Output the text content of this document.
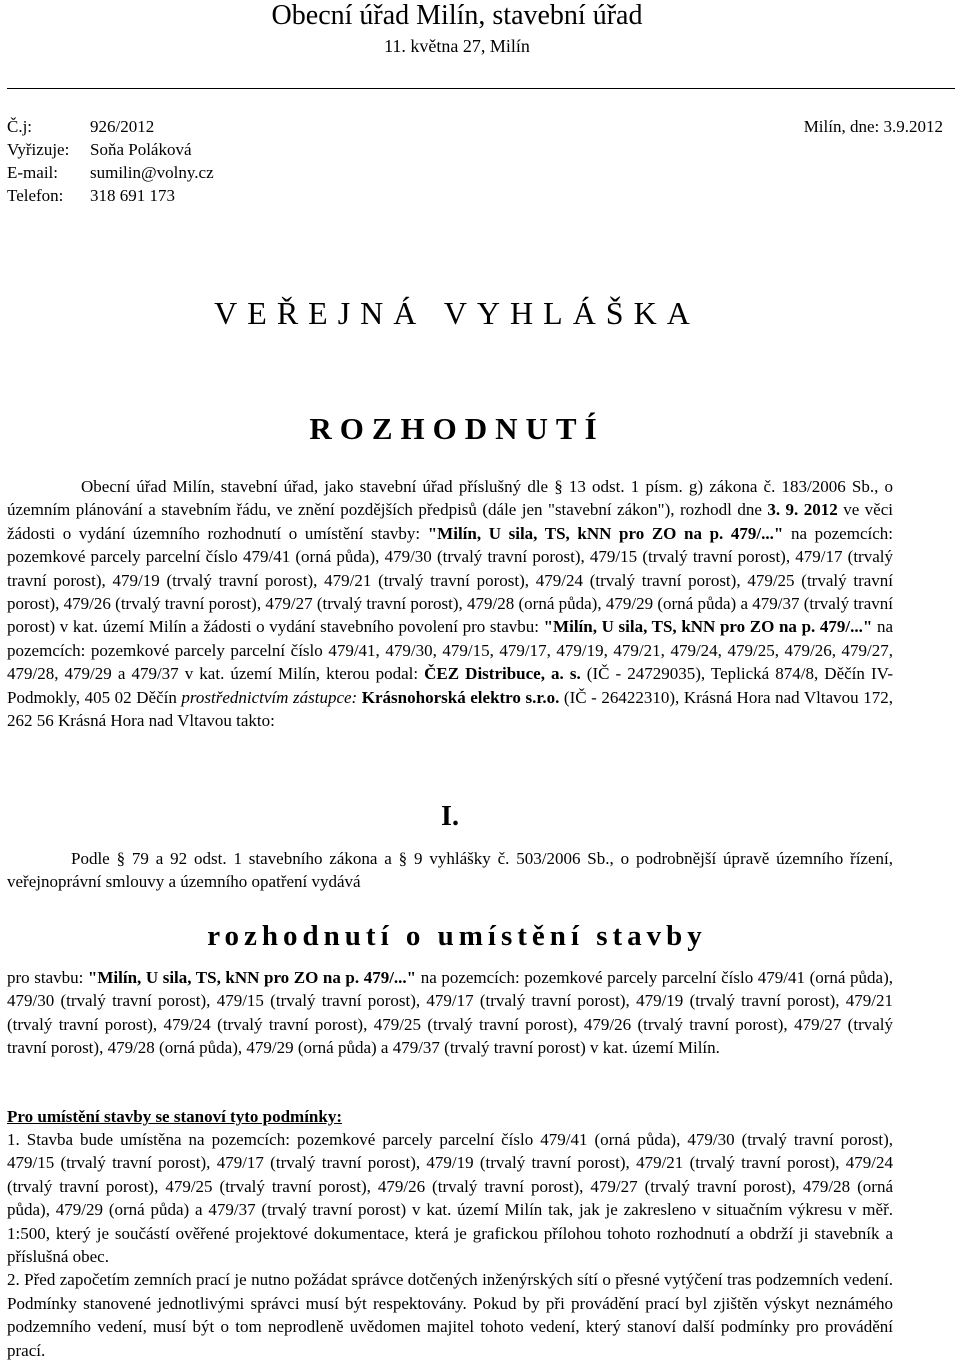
Obecní úřad Milín, stavební úřad
11. května 27, Milín
Č.j:	926/2012	Milín, dne: 3.9.2012
Vyřizuje:	Soňa Poláková
E-mail:	sumilin@volny.cz
Telefon:	318 691 173
VEŘEJNÁ VYHLÁŠKA
ROZHODNUTÍ
Obecní úřad Milín, stavební úřad, jako stavební úřad příslušný dle § 13 odst. 1 písm. g) zákona č. 183/2006 Sb., o územním plánování a stavebním řádu, ve znění pozdějších předpisů (dále jen "stavební zákon"), rozhodl dne 3. 9. 2012 ve věci žádosti o vydání územního rozhodnutí o umístění stavby: "Milín, U sila, TS, kNN pro ZO na p. 479/..." na pozemcích: pozemkové parcely parcelní číslo 479/41 (orná půda), 479/30 (trvalý travní porost), 479/15 (trvalý travní porost), 479/17 (trvalý travní porost), 479/19 (trvalý travní porost), 479/21 (trvalý travní porost), 479/24 (trvalý travní porost), 479/25 (trvalý travní porost), 479/26 (trvalý travní porost), 479/27 (trvalý travní porost), 479/28 (orná půda), 479/29 (orná půda) a 479/37 (trvalý travní porost) v kat. území Milín a žádosti o vydání stavebního povolení pro stavbu: "Milín, U sila, TS, kNN pro ZO na p. 479/..." na pozemcích: pozemkové parcely parcelní číslo 479/41, 479/30, 479/15, 479/17, 479/19, 479/21, 479/24, 479/25, 479/26, 479/27, 479/28, 479/29 a 479/37 v kat. území Milín, kterou podal: ČEZ Distribuce, a. s. (IČ - 24729035), Teplická 874/8, Děčín IV-Podmokly, 405 02 Děčín prostřednictvím zástupce: Krásnohorská elektro s.r.o. (IČ - 26422310), Krásná Hora nad Vltavou 172, 262 56 Krásná Hora nad Vltavou takto:
I.
Podle § 79 a 92 odst. 1 stavebního zákona a § 9 vyhlášky č. 503/2006 Sb., o podrobnější úpravě územního řízení, veřejnoprávní smlouvy a územního opatření vydává
rozhodnutí o umístění stavby
pro stavbu: "Milín, U sila, TS, kNN pro ZO na p. 479/..." na pozemcích: pozemkové parcely parcelní číslo 479/41 (orná půda), 479/30 (trvalý travní porost), 479/15 (trvalý travní porost), 479/17 (trvalý travní porost), 479/19 (trvalý travní porost), 479/21 (trvalý travní porost), 479/24 (trvalý travní porost), 479/25 (trvalý travní porost), 479/26 (trvalý travní porost), 479/27 (trvalý travní porost), 479/28 (orná půda), 479/29 (orná půda) a 479/37 (trvalý travní porost) v kat. území Milín.
Pro umístění stavby se stanoví tyto podmínky:
1. Stavba bude umístěna na pozemcích: pozemkové parcely parcelní číslo 479/41 (orná půda), 479/30 (trvalý travní porost), 479/15 (trvalý travní porost), 479/17 (trvalý travní porost), 479/19 (trvalý travní porost), 479/21 (trvalý travní porost), 479/24 (trvalý travní porost), 479/25 (trvalý travní porost), 479/26 (trvalý travní porost), 479/27 (trvalý travní porost), 479/28 (orná půda), 479/29 (orná půda) a 479/37 (trvalý travní porost) v kat. území Milín tak, jak je zakresleno v situačním výkresu v měř. 1:500, který je součástí ověřené projektové dokumentace, která je grafickou přílohou tohoto rozhodnutí a obdrží ji stavebník a příslušná obec.
2. Před započetím zemních prací je nutno požádat správce dotčených inženýrských sítí o přesné vytýčení tras podzemních vedení. Podmínky stanovené jednotlivými správci musí být respektovány. Pokud by při provádění prací byl zjištěn výskyt neznámého podzemního vedení, musí být o tom neprodleně uvědomen majitel tohoto vedení, který stanoví další podmínky pro provádění prací.
